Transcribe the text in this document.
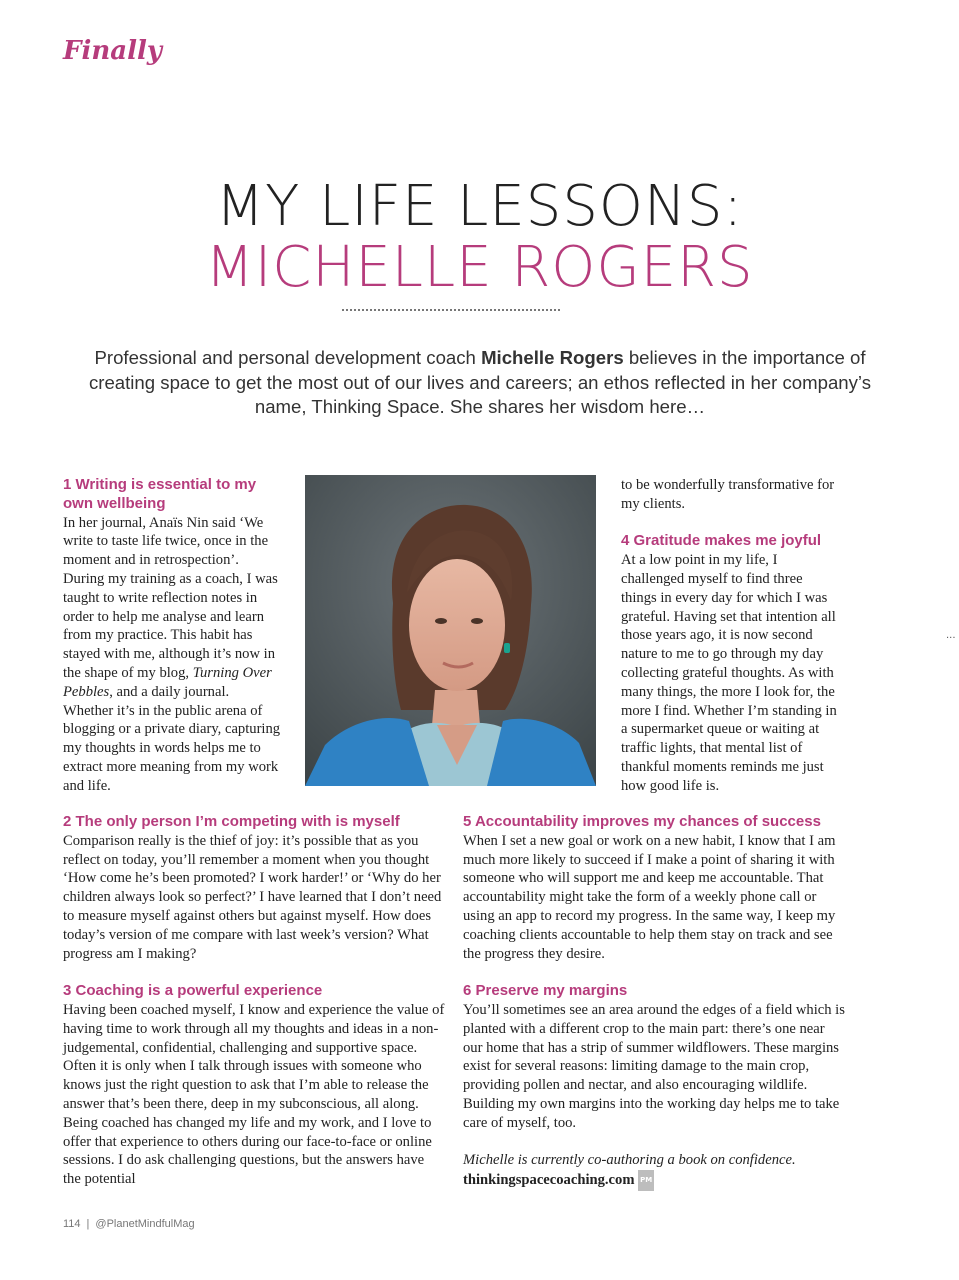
Finally
MY LIFE LESSONS:
MICHELLE ROGERS
Professional and personal development coach Michelle Rogers believes in the importance of creating space to get the most out of our lives and careers; an ethos reflected in her company’s name, Thinking Space. She shares her wisdom here…

1 Writing is essential to my own wellbeing

In her journal, Anaïs Nin said ‘We write to taste life twice, once in the moment and in retrospection’. During my training as a coach, I was taught to write reflection notes in order to help me analyse and learn from my practice. This habit has stayed with me, although it’s now in the shape of my blog, Turning Over Pebbles, and a daily journal. Whether it’s in the public arena of blogging or a private diary, capturing my thoughts in words helps me to extract more meaning from my work and life.

to be wonderfully transformative for my clients.

4 Gratitude makes me joyful

At a low point in my life, I challenged myself to find three things in every day for which I was grateful. Having set that intention all those years ago, it is now second nature to me to go through my day collecting grateful thoughts. As with many things, the more I look for, the more I find. Whether I’m standing in a supermarket queue or waiting at traffic lights, that mental list of thankful moments reminds me just how good life is.

...

2 The only person I’m competing with is myself

Comparison really is the thief of joy: it’s possible that as you reflect on today, you’ll remember a moment when you thought ‘How come he’s been promoted? I work harder!’ or ‘Why do her children always look so perfect?’ I have learned that I don’t need to measure myself against others but against myself. How does today’s version of me compare with last week’s version? What progress am I making?

3 Coaching is a powerful experience

Having been coached myself, I know and experience the value of having time to work through all my thoughts and ideas in a non-judgemental, confidential, challenging and supportive space. Often it is only when I talk through issues with someone who knows just the right question to ask that I’m able to release the answer that’s been there, deep in my subconscious, all along. Being coached has changed my life and my work, and I love to offer that experience to others during our face-to-face or online sessions. I do ask challenging questions, but the answers have the potential

5 Accountability improves my chances of success

When I set a new goal or work on a new habit, I know that I am much more likely to succeed if I make a point of sharing it with someone who will support me and keep me accountable. That accountability might take the form of a weekly phone call or using an app to record my progress. In the same way, I keep my coaching clients accountable to help them stay on track and see the progress they desire.

6 Preserve my margins

You’ll sometimes see an area around the edges of a field which is planted with a different crop to the main part: there’s one near our home that has a strip of summer wildflowers. These margins exist for several reasons: limiting damage to the main crop, providing pollen and nectar, and also encouraging wildlife. Building my own margins into the working day helps me to take care of myself, too.

Michelle is currently co-authoring a book on confidence.

thinkingspacecoaching.com PM

114 | @PlanetMindfulMag
